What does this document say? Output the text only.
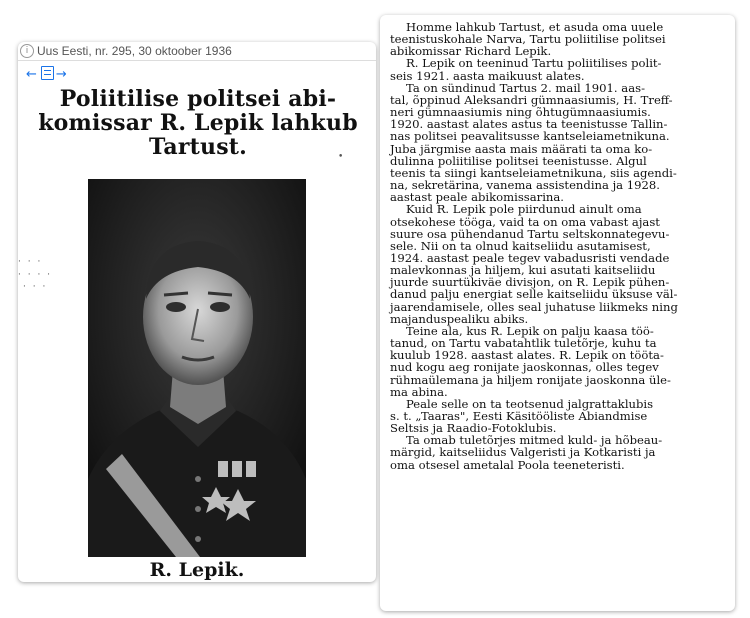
i Uus Eesti, nr. 295, 30 oktoober 1936
← →
Poliitilise politsei abi-
komissar R. Lepik lahkub
Tartust.	•
· · ·
· · · ·
· · ·
R. Lepik.

Homme lahkub Tartust, et asuda oma uuele
teenistuskohale Narva, Tartu poliitilise politsei
abikomissar Richard Lepik.

R. Lepik on teeninud Tartu poliitilises polit-
seis 1921. aasta maikuust alates.

Ta on sündinud Tartus 2. mail 1901. aas-
tal, õppinud Aleksandri gümnaasiumis, H. Treff-
neri gümnaasiumis ning õhtugümnaasiumis.
1920. aastast alates astus ta teenistusse Tallin-
nas politsei peavalitsusse kantseleiametnikuna.
Juba järgmise aasta mais määrati ta oma ko-
dulinna poliitilise politsei teenistusse. Algul
teenis ta siingi kantseleiametnikuna, siis agendi-
na, sekretärina, vanema assistendina ja 1928.
aastast peale abikomissarina.

Kuid R. Lepik pole piirdunud ainult oma
otsekohese tööga, vaid ta on oma vabast ajast
suure osa pühendanud Tartu seltskonnategevu-
sele. Nii on ta olnud kaitseliidu asutamisest,
1924. aastast peale tegev vabadusristi vendade
malevkonnas ja hiljem, kui asutati kaitseliidu
juurde suurtükiväe divisjon, on R. Lepik pühen-
danud palju energiat selle kaitseliidu üksuse väl-
jaarendamisele, olles seal juhatuse liikmeks ning
majanduspealiku abiks.

Teine ala, kus R. Lepik on palju kaasa töö-
tanud, on Tartu vabatahtlik tuletõrje, kuhu ta
kuulub 1928. aastast alates. R. Lepik on tööta-
nud kogu aeg ronijate jaoskonnas, olles tegev
rühmaülemana ja hiljem ronijate jaoskonna üle-
ma abina.

Peale selle on ta teotsenud jalgrattaklubis
s. t. „Taaras", Eesti Käsitööliste Abiandmise
Seltsis ja Raadio-Fotoklubis.

Ta omab tuletõrjes mitmed kuld- ja hõbeau-
märgid, kaitseliidus Valgeristi ja Kotkaristi ja
oma otsesel ametalal Poola teeneteristi.
